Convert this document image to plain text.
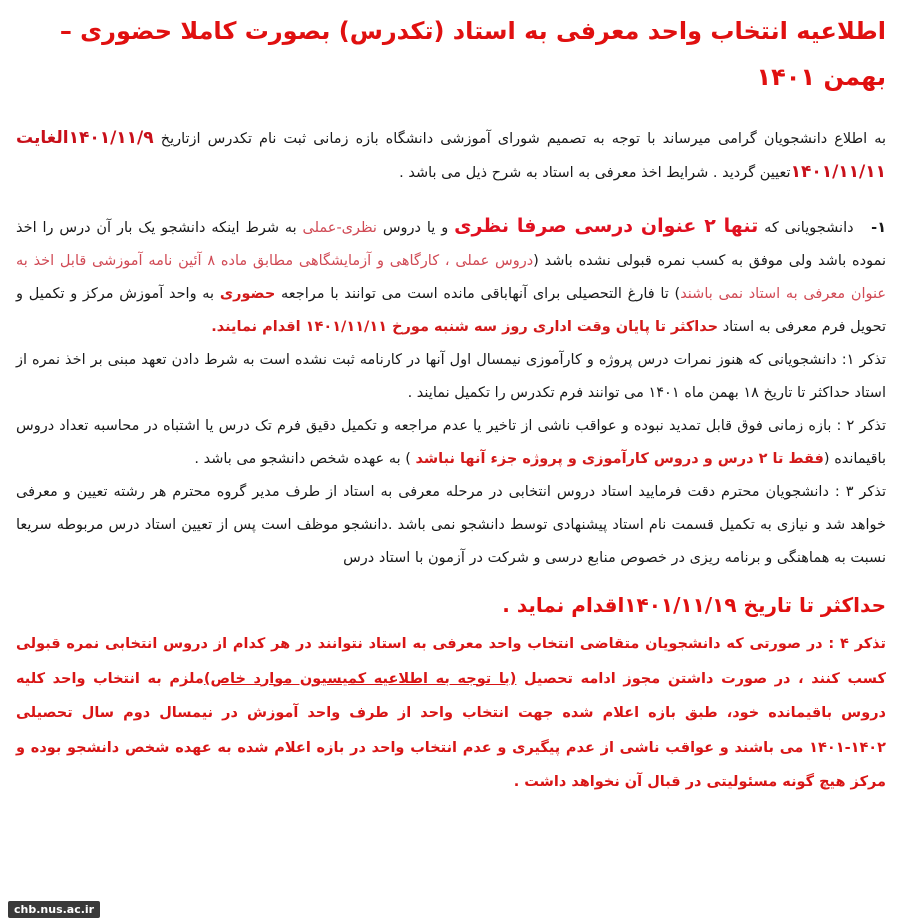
اطلاعیه انتخاب واحد معرفی به استاد (تکدرس) بصورت کاملا حضوری – بهمن ۱۴۰۱

به اطلاع دانشجویان گرامی میرساند با توجه به تصمیم شورای آموزشی دانشگاه بازه زمانی ثبت نام تکدرس ازتاریخ ۱۴۰۱/۱۱/۹الغایت ۱۴۰۱/۱۱/۱۱تعیین گردید . شرایط اخذ معرفی به استاد به شرح ذیل می باشد .

۱-   دانشجویانی که تنها ۲ عنوان درسی صرفا نظری و یا دروس نظری-عملی به شرط اینکه دانشجو یک بار آن درس را اخذ نموده باشد ولی موفق به کسب نمره قبولی نشده باشد (دروس عملی ، کارگاهی و آزمایشگاهی مطابق ماده ۸ آئین نامه آموزشی قابل اخذ به عنوان معرفی به استاد نمی باشند) تا فارغ التحصیلی برای آنهاباقی مانده است می توانند با مراجعه حضوری به واحد آموزش مرکز و تکمیل و تحویل فرم معرفی به استاد حداکثر تا پایان وقت اداری روز سه شنبه مورخ ۱۴۰۱/۱۱/۱۱ اقدام نمایند.

تذکر ۱: دانشجویانی که هنوز نمرات درس پروژه و کارآموزی نیمسال اول آنها در کارنامه ثبت نشده است به شرط دادن تعهد مبنی بر اخذ نمره از استاد حداکثر تا تاریخ ۱۸ بهمن ماه ۱۴۰۱ می توانند فرم تکدرس را تکمیل نمایند .

تذکر ۲ : بازه زمانی فوق قابل تمدید نبوده و عواقب ناشی از تاخیر یا عدم مراجعه و تکمیل دقیق فرم تک درس یا اشتباه در محاسبه تعداد دروس باقیمانده (فقط تا ۲ درس و دروس کارآموزی و پروژه جزء آنها نباشد ) به عهده شخص دانشجو می باشد .

تذکر ۳ : دانشجویان محترم دقت فرمایید استاد دروس انتخابی در مرحله معرفی به استاد از طرف مدیر گروه محترم هر رشته تعیین و معرفی خواهد شد و نیازی به تکمیل قسمت نام استاد پیشنهادی توسط دانشجو نمی باشد .دانشجو موظف است پس از تعیین استاد درس مربوطه سریعا نسبت به هماهنگی و برنامه ریزی در خصوص منابع درسی و شرکت در آزمون با استاد درس

حداکثر تا تاریخ ۱۴۰۱/۱۱/۱۹اقدام نماید .

تذکر ۴ : در صورتی که دانشجویان متقاضی انتخاب واحد معرفی به استاد نتوانند در هر کدام از دروس انتخابی نمره قبولی کسب کنند ، در صورت داشتن مجوز ادامه تحصیل (با توجه به اطلاعیه کمیسیون موارد خاص)ملزم به انتخاب واحد کلیه دروس باقیمانده خود، طبق بازه اعلام شده جهت انتخاب واحد از طرف واحد آموزش در نیمسال دوم سال تحصیلی ۱۴۰۲-۱۴۰۱ می باشند و عواقب ناشی از عدم پیگیری و عدم انتخاب واحد در بازه اعلام شده به عهده شخص دانشجو بوده و مرکز هیچ گونه مسئولیتی در قبال آن نخواهد داشت .

chb.nus.ac.ir
